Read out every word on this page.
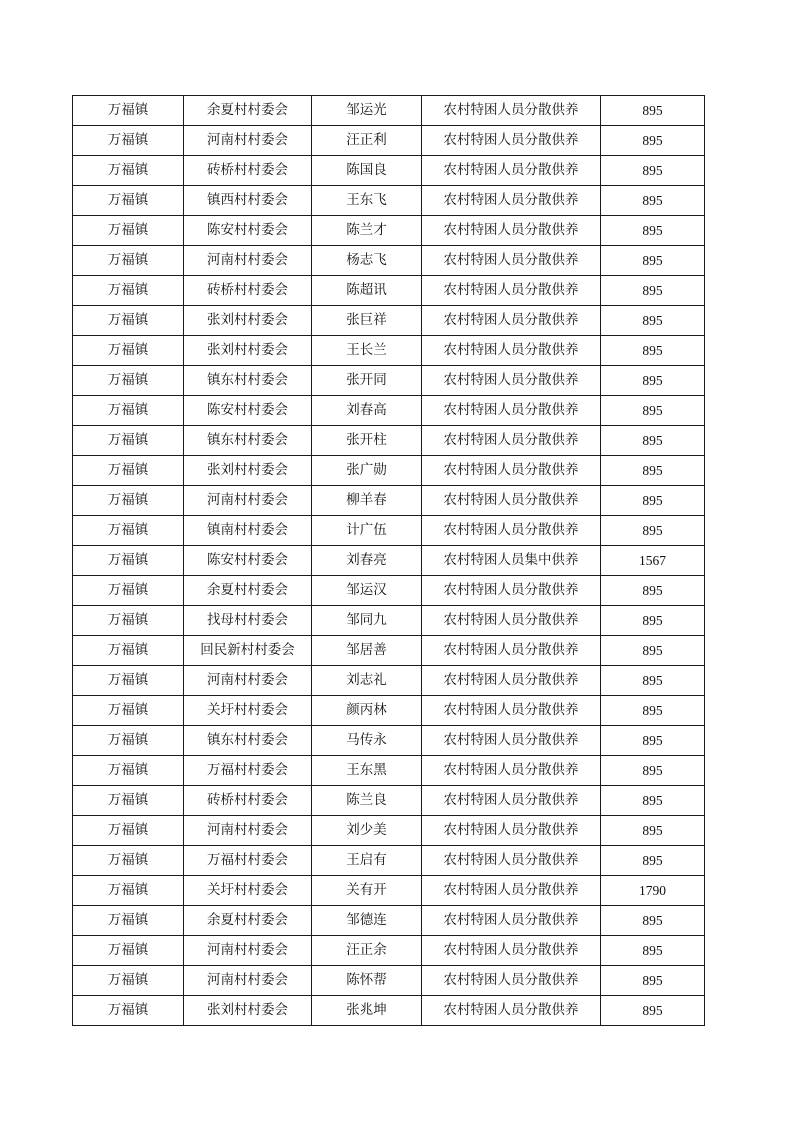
万福镇	余夏村村委会	邹运光	农村特困人员分散供养	895
万福镇	河南村村委会	汪正利	农村特困人员分散供养	895
万福镇	砖桥村村委会	陈国良	农村特困人员分散供养	895
万福镇	镇西村村委会	王东飞	农村特困人员分散供养	895
万福镇	陈安村村委会	陈兰才	农村特困人员分散供养	895
万福镇	河南村村委会	杨志飞	农村特困人员分散供养	895
万福镇	砖桥村村委会	陈超讯	农村特困人员分散供养	895
万福镇	张刘村村委会	张巨祥	农村特困人员分散供养	895
万福镇	张刘村村委会	王长兰	农村特困人员分散供养	895
万福镇	镇东村村委会	张开同	农村特困人员分散供养	895
万福镇	陈安村村委会	刘春高	农村特困人员分散供养	895
万福镇	镇东村村委会	张开柱	农村特困人员分散供养	895
万福镇	张刘村村委会	张广勋	农村特困人员分散供养	895
万福镇	河南村村委会	柳羊春	农村特困人员分散供养	895
万福镇	镇南村村委会	计广伍	农村特困人员分散供养	895
万福镇	陈安村村委会	刘春亮	农村特困人员集中供养	1567
万福镇	余夏村村委会	邹运汉	农村特困人员分散供养	895
万福镇	找母村村委会	邹同九	农村特困人员分散供养	895
万福镇	回民新村村委会	邹居善	农村特困人员分散供养	895
万福镇	河南村村委会	刘志礼	农村特困人员分散供养	895
万福镇	关圩村村委会	颜丙林	农村特困人员分散供养	895
万福镇	镇东村村委会	马传永	农村特困人员分散供养	895
万福镇	万福村村委会	王东黑	农村特困人员分散供养	895
万福镇	砖桥村村委会	陈兰良	农村特困人员分散供养	895
万福镇	河南村村委会	刘少美	农村特困人员分散供养	895
万福镇	万福村村委会	王启有	农村特困人员分散供养	895
万福镇	关圩村村委会	关有开	农村特困人员分散供养	1790
万福镇	余夏村村委会	邹德连	农村特困人员分散供养	895
万福镇	河南村村委会	汪正余	农村特困人员分散供养	895
万福镇	河南村村委会	陈怀帮	农村特困人员分散供养	895
万福镇	张刘村村委会	张兆坤	农村特困人员分散供养	895
